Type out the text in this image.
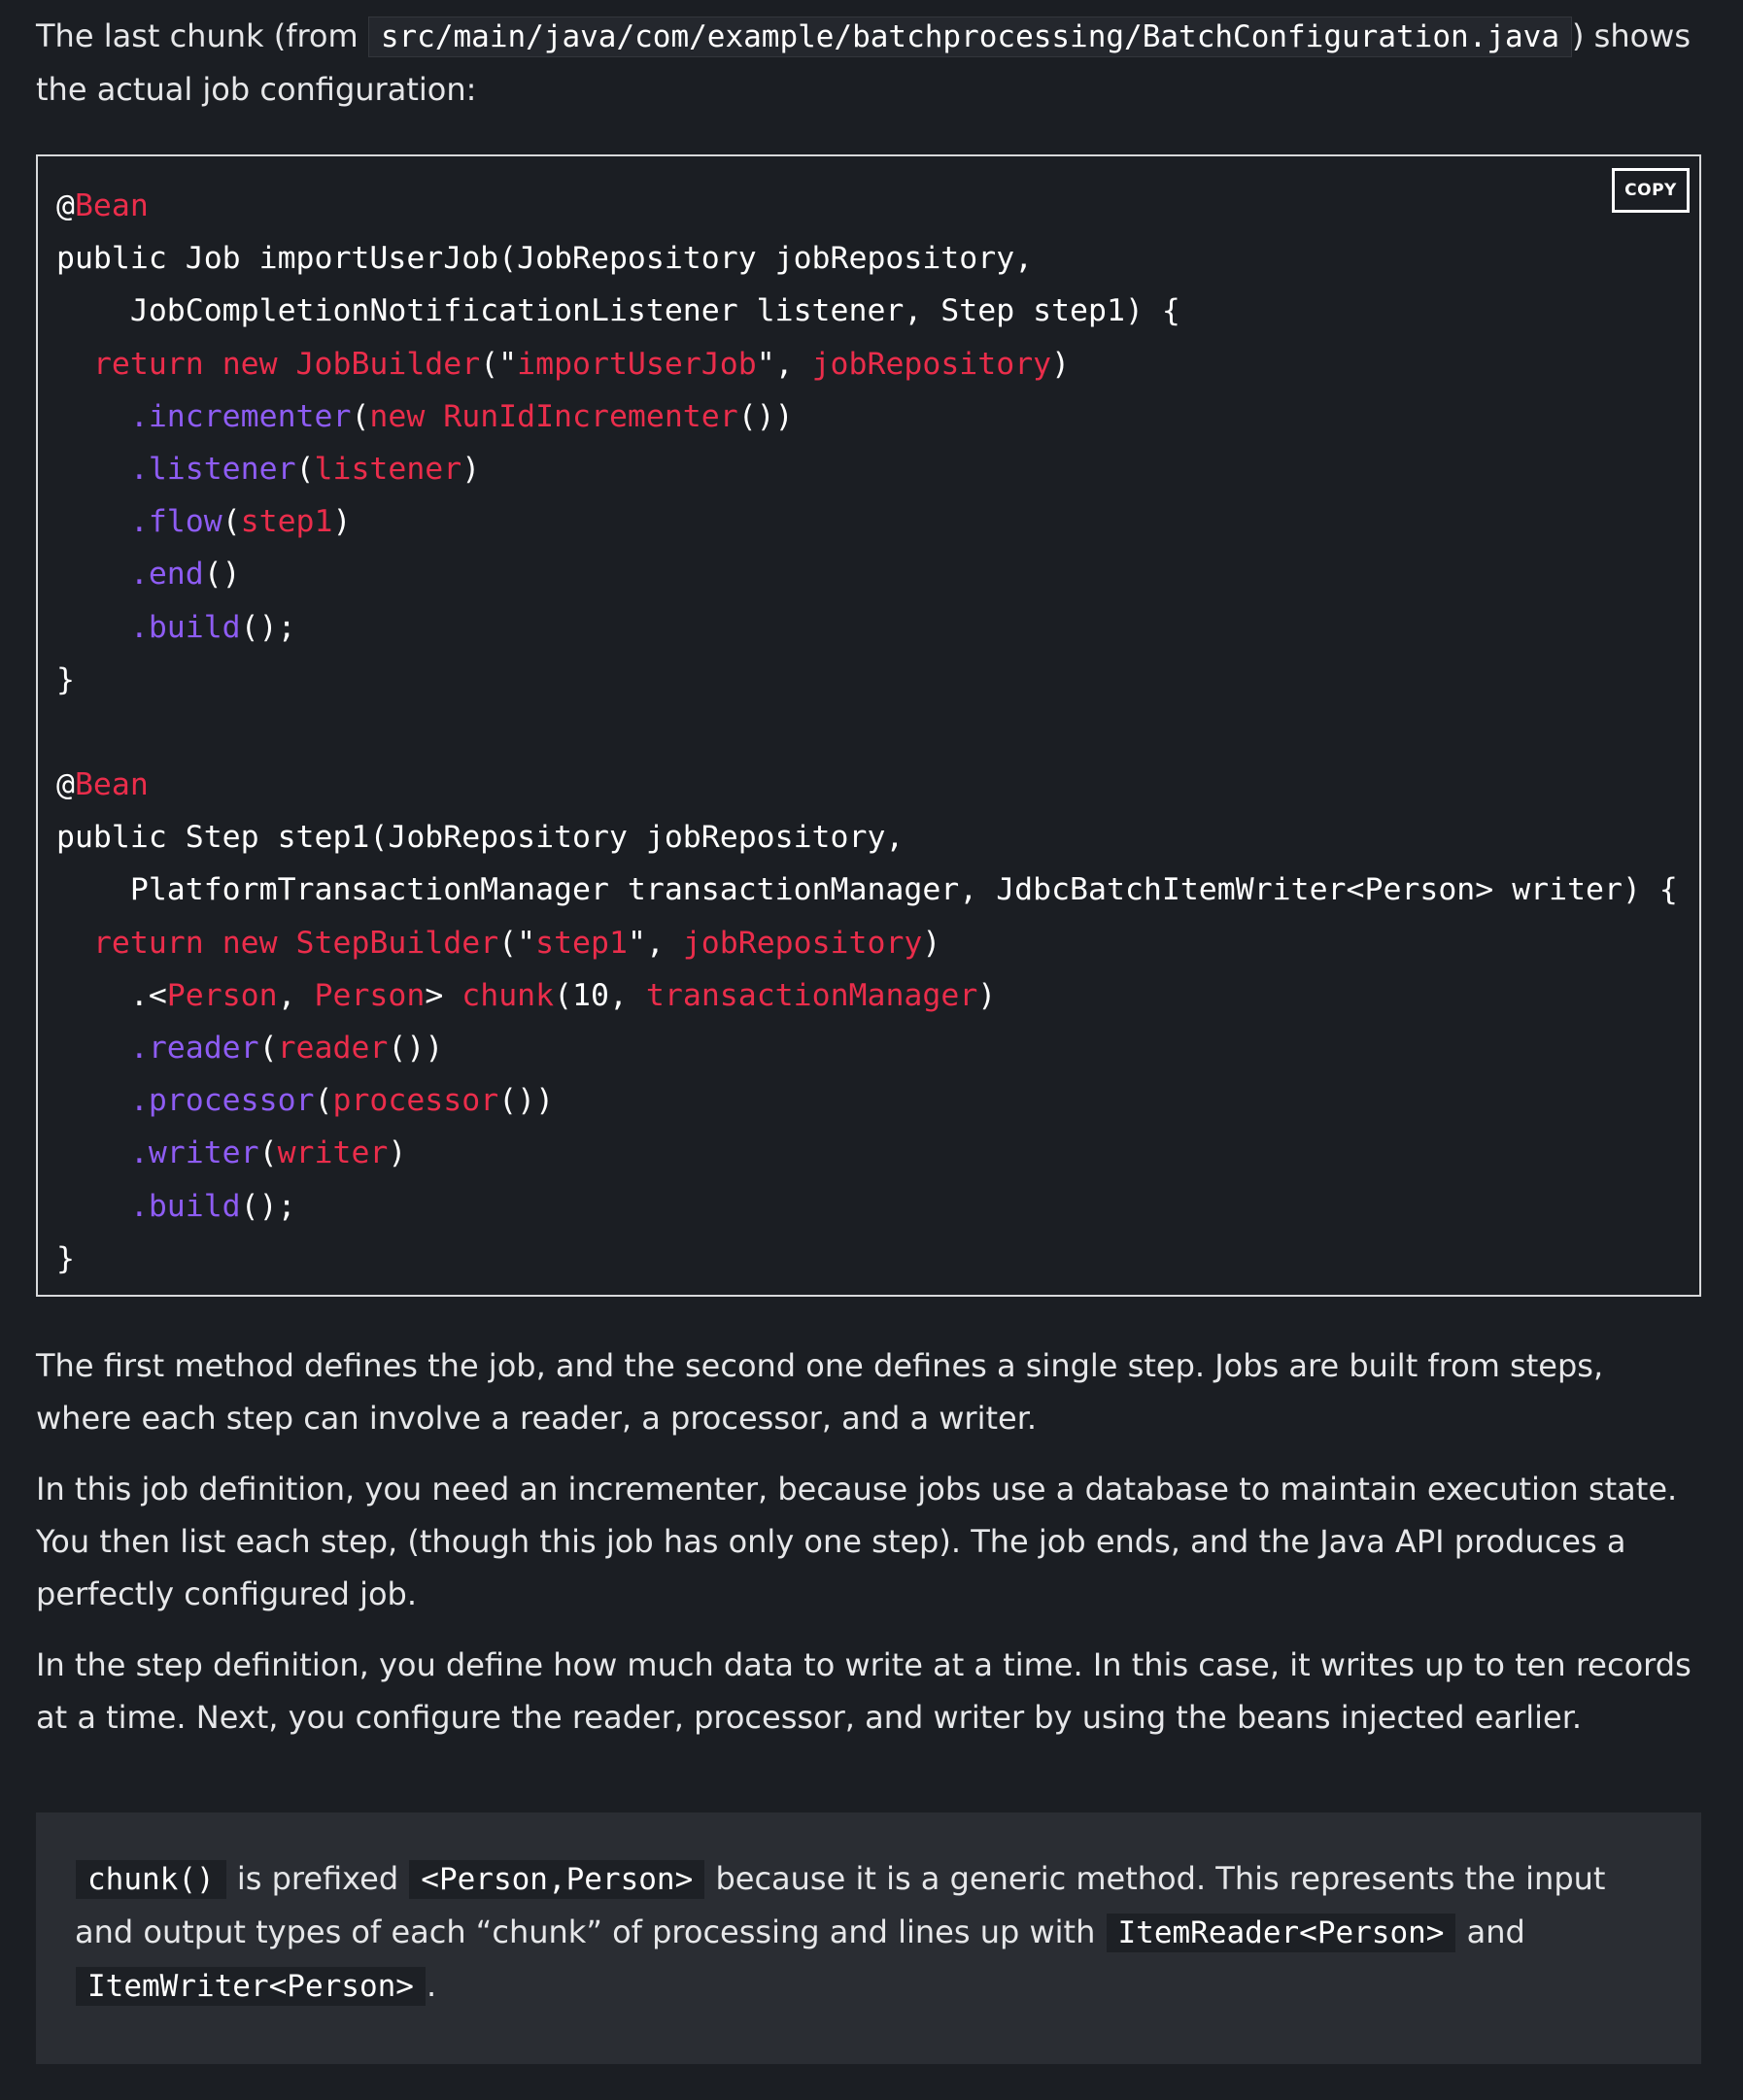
The last chunk (from src/main/java/com/example/batchprocessing/BatchConfiguration.java ) shows the actual job configuration:

COPY
@Bean
public Job importUserJob(JobRepository jobRepository,
JobCompletionNotificationListener listener, Step step1) {
return new JobBuilder("importUserJob", jobRepository)
.incrementer(new RunIdIncrementer())
.listener(listener)
.flow(step1)
.end()
.build();
}
@Bean
public Step step1(JobRepository jobRepository,
PlatformTransactionManager transactionManager, JdbcBatchItemWriter<Person> writer) {
return new StepBuilder("step1", jobRepository)
.<Person, Person> chunk(10, transactionManager)
.reader(reader())
.processor(processor())
.writer(writer)
.build();
}

The first method defines the job, and the second one defines a single step. Jobs are built from steps, where each step can involve a reader, a processor, and a writer.

In this job definition, you need an incrementer, because jobs use a database to maintain execution state. You then list each step, (though this job has only one step). The job ends, and the Java API produces a perfectly configured job.

In the step definition, you define how much data to write at a time. In this case, it writes up to ten records at a time. Next, you configure the reader, processor, and writer by using the beans injected earlier.

chunk() is prefixed <Person,Person> because it is a generic method. This represents the input and output types of each “chunk” of processing and lines up with ItemReader<Person> and
ItemWriter<Person> .
